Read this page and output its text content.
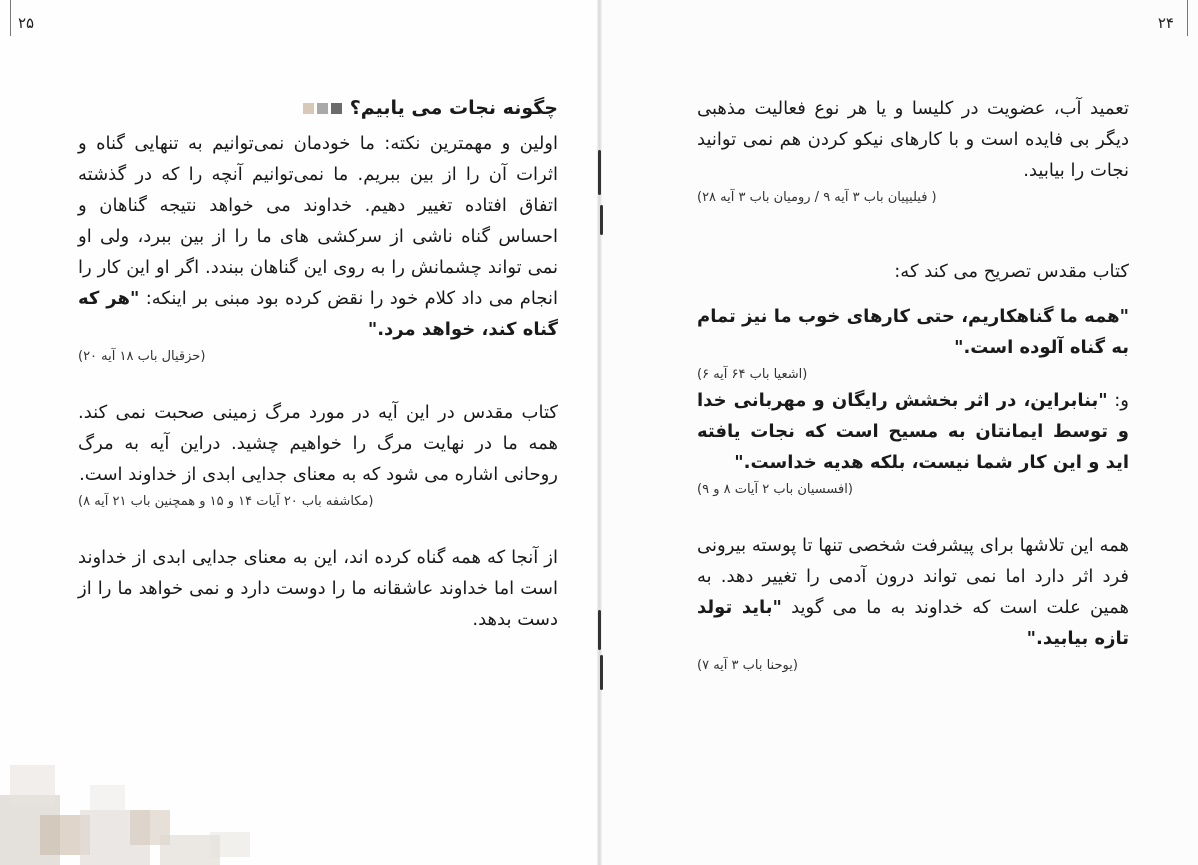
۲۵
چگونه نجات می یابیم؟

اولین و مهمترین نکته: ما خودمان نمی‌توانیم به تنهایی گناه و اثرات آن را از بین ببریم. ما نمی‌توانیم آنچه را که در گذشته اتفاق افتاده تغییر دهیم. خداوند می خواهد نتیجه گناهان و احساس گناه ناشی از سرکشی های ما را از بین ببرد، ولی او نمی تواند چشمانش را به روی این گناهان ببندد. اگر او این کار را انجام می داد کلام خود را نقض کرده بود مبنی بر اینکه: "هر که گناه کند، خواهد مرد."

(حزقیال باب ۱۸ آیه ۲۰)

کتاب مقدس در این آیه در مورد مرگ زمینی صحبت نمی کند. همه ما در نهایت مرگ را خواهیم چشید. دراین آیه به مرگ روحانی اشاره می شود که به معنای جدایی ابدی از خداوند است.

(مکاشفه باب ۲۰ آیات ۱۴ و ۱۵ و همچنین باب ۲۱ آیه ۸)

از آنجا که همه گناه کرده اند، این به معنای جدایی ابدی از خداوند است اما خداوند عاشقانه ما را دوست دارد و نمی خواهد ما را از دست بدهد.

۲۴

تعمید آب، عضویت در کلیسا و یا هر نوع فعالیت مذهبی دیگر بی فایده است و با کارهای نیکو کردن هم نمی توانید نجات را بیابید.

( فیلیپیان باب ۳ آیه ۹ / رومیان باب ۳ آیه ۲۸)

کتاب مقدس تصریح می کند که:

"همه ما گناهکاریم، حتی کارهای خوب ما نیز تمام به گناه آلوده است."

(اشعیا باب ۶۴ آیه ۶)

و: "بنابراین، در اثر بخشش رایگان و مهربانی خدا و توسط ایمانتان به مسیح است که نجات یافته اید و این کار شما نیست، بلکه هدیه خداست."

(افسسیان باب ۲ آیات ۸ و ۹)

همه این تلاشها برای پیشرفت شخصی تنها تا پوسته بیرونی فرد اثر دارد اما نمی تواند درون آدمی را تغییر دهد. به همین علت است که خداوند به ما می گوید "باید تولد تازه بیابید."

(یوحنا باب ۳ آیه ۷)
